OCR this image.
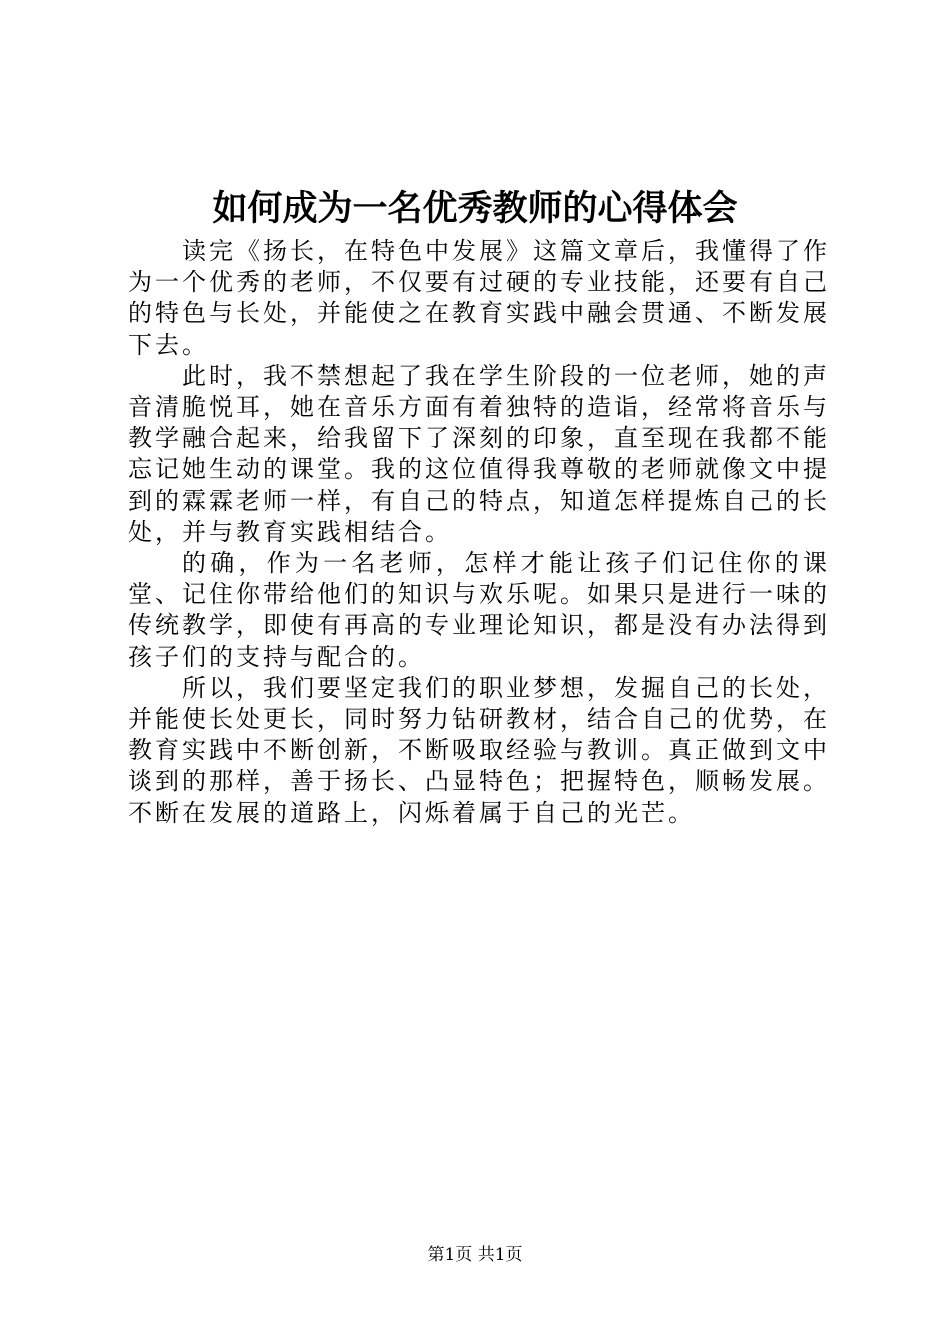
如何成为一名优秀教师的心得体会

读完《扬长，在特色中发展》这篇文章后，我懂得了作为一个优秀的老师，不仅要有过硬的专业技能，还要有自己的特色与长处，并能使之在教育实践中融会贯通、不断发展下去。

此时，我不禁想起了我在学生阶段的一位老师，她的声音清脆悦耳，她在音乐方面有着独特的造诣，经常将音乐与教学融合起来，给我留下了深刻的印象，直至现在我都不能忘记她生动的课堂。我的这位值得我尊敬的老师就像文中提到的霖霖老师一样，有自己的特点，知道怎样提炼自己的长处，并与教育实践相结合。

的确，作为一名老师，怎样才能让孩子们记住你的课堂、记住你带给他们的知识与欢乐呢。如果只是进行一味的传统教学，即使有再高的专业理论知识，都是没有办法得到孩子们的支持与配合的。

所以，我们要坚定我们的职业梦想，发掘自己的长处，并能使长处更长，同时努力钻研教材，结合自己的优势，在教育实践中不断创新，不断吸取经验与教训。真正做到文中谈到的那样，善于扬长、凸显特色；把握特色，顺畅发展。不断在发展的道路上，闪烁着属于自己的光芒。

第1页 共1页
